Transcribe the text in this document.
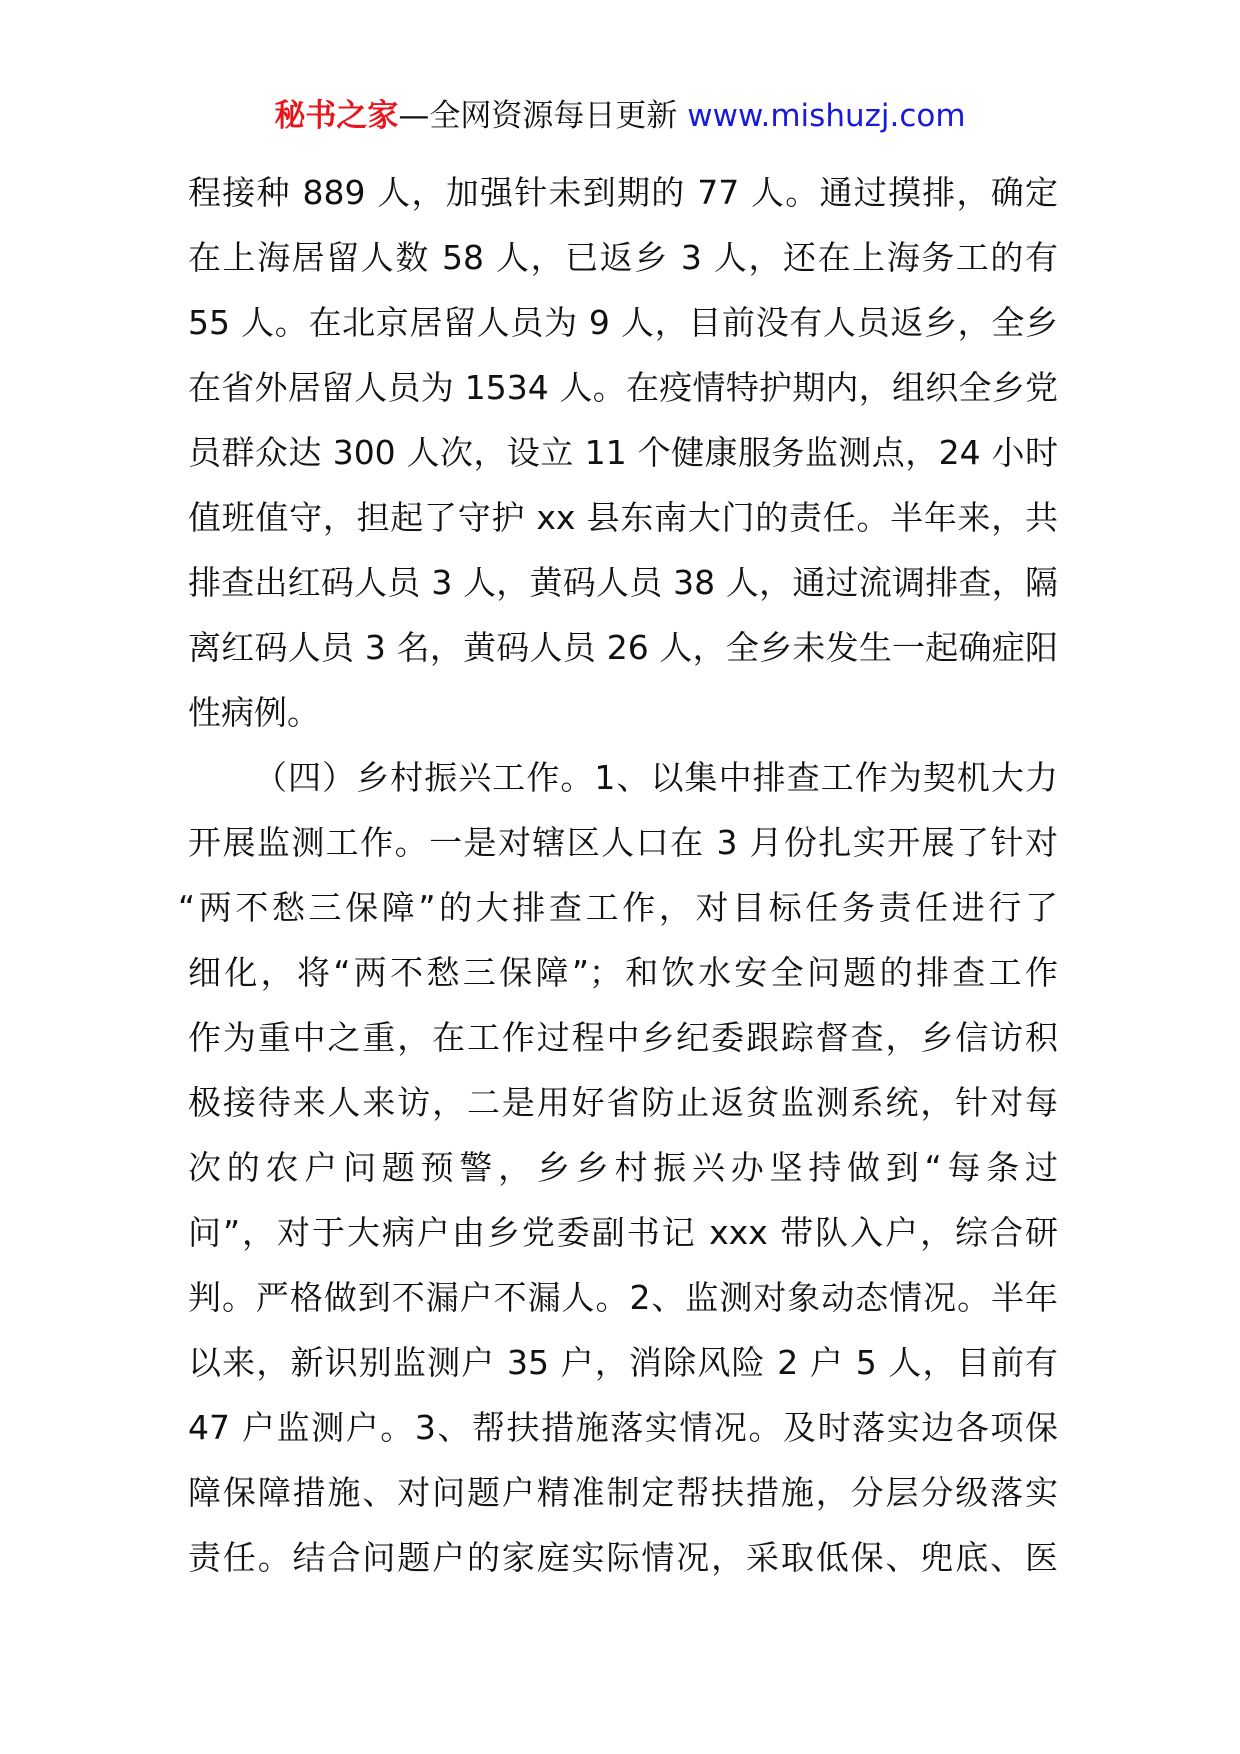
秘书之家—全网资源每日更新 www.mishuzj.com
程接种 889 人，加强针未到期的 77 人。通过摸排，确定
在上海居留人数 58 人，已返乡 3 人，还在上海务工的有
55 人。在北京居留人员为 9 人，目前没有人员返乡，全乡
在省外居留人员为 1534 人。在疫情特护期内，组织全乡党
员群众达 300 人次，设立 11 个健康服务监测点，24 小时
值班值守，担起了守护 xx 县东南大门的责任。半年来，共
排查出红码人员 3 人，黄码人员 38 人，通过流调排查，隔
离红码人员 3 名，黄码人员 26 人，全乡未发生一起确症阳
性病例。
（四）乡村振兴工作。1、以集中排查工作为契机大力
开展监测工作。一是对辖区人口在 3 月份扎实开展了针对
“两不愁三保障”的大排查工作，对目标任务责任进行了
细化，将“两不愁三保障”；和饮水安全问题的排查工作
作为重中之重，在工作过程中乡纪委跟踪督查，乡信访积
极接待来人来访，二是用好省防止返贫监测系统，针对每
次的农户问题预警，乡乡村振兴办坚持做到“每条过
问”，对于大病户由乡党委副书记 xxx 带队入户，综合研
判。严格做到不漏户不漏人。2、监测对象动态情况。半年
以来，新识别监测户 35 户，消除风险 2 户 5 人，目前有
47 户监测户。3、帮扶措施落实情况。及时落实边各项保
障保障措施、对问题户精准制定帮扶措施，分层分级落实
责任。结合问题户的家庭实际情况，采取低保、兜底、医
